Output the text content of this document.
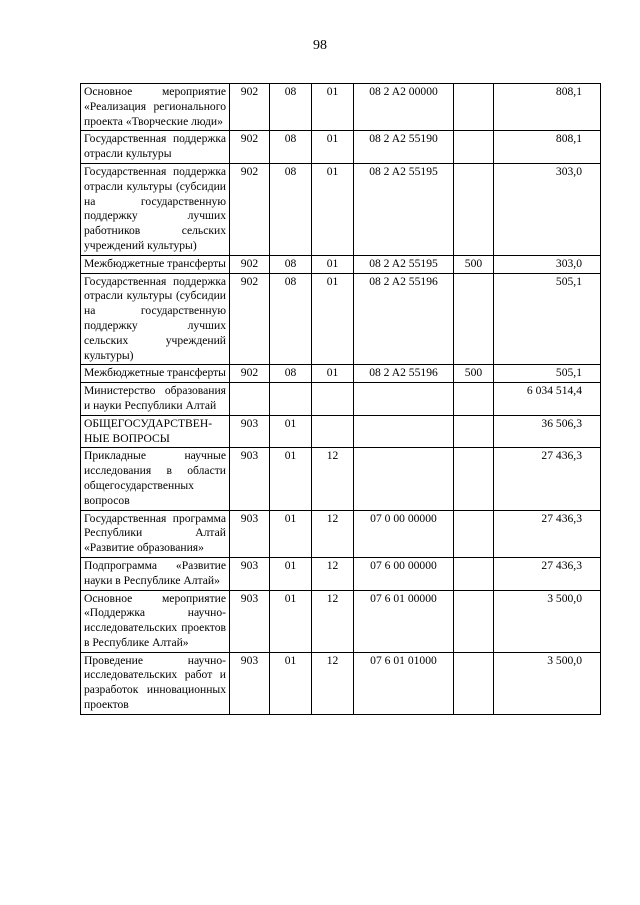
98
Основное мероприятие «Реализация регионального проекта «Творческие люди»	902	08	01	08 2 A2 00000		808,1
Государственная поддержка отрасли культуры	902	08	01	08 2 A2 55190		808,1
Государственная поддержка отрасли культуры (субсидии на государственную поддержку лучших работников сельских учреждений культуры)	902	08	01	08 2 A2 55195		303,0
Межбюджетные трансферты	902	08	01	08 2 A2 55195	500	303,0
Государственная поддержка отрасли культуры (субсидии на государственную поддержку лучших сельских учреждений культуры)	902	08	01	08 2 A2 55196		505,1
Межбюджетные трансферты	902	08	01	08 2 A2 55196	500	505,1
Министерство образования и науки Республики Алтай						6 034 514,4
ОБЩЕГОСУДАРСТВЕН-НЫЕ ВОПРОСЫ	903	01				36 506,3
Прикладные научные исследования в области общегосударственных вопросов	903	01	12			27 436,3
Государственная программа Республики Алтай «Развитие образования»	903	01	12	07 0 00 00000		27 436,3
Подпрограмма «Развитие науки в Республике Алтай»	903	01	12	07 6 00 00000		27 436,3
Основное мероприятие «Поддержка научно-исследовательских проектов в Республике Алтай»	903	01	12	07 6 01 00000		3 500,0
Проведение научно-исследовательских работ и разработок инновационных проектов	903	01	12	07 6 01 01000		3 500,0
